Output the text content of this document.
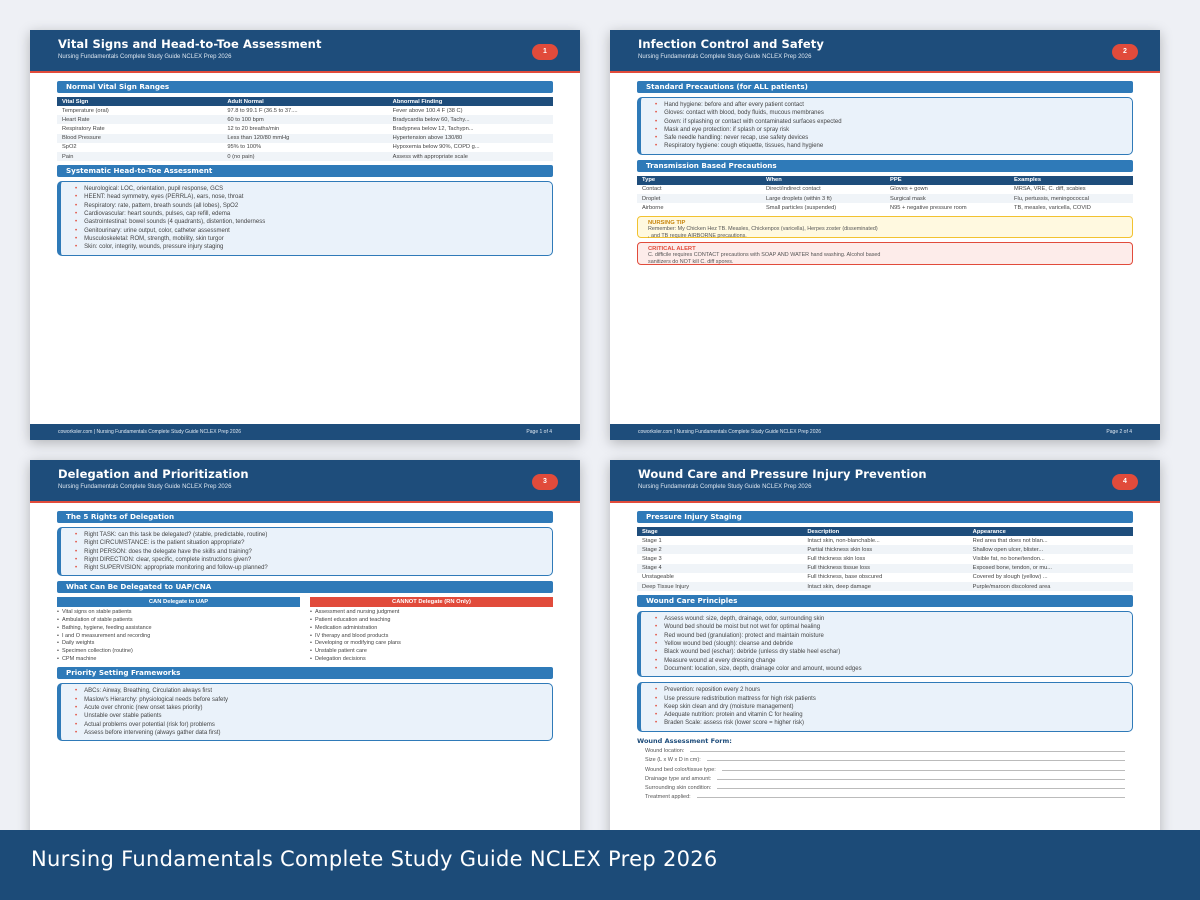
Vital Signs and Head-to-Toe Assessment
Nursing Fundamentals Complete Study Guide NCLEX Prep 2026
1
Normal Vital Sign Ranges
Vital Sign	Adult Normal	Abnormal Finding
Temperature (oral)	97.8 to 99.1 F (36.5 to 37....	Fever above 100.4 F (38 C)
Heart Rate	60 to 100 bpm	Bradycardia below 60, Tachy...
Respiratory Rate	12 to 20 breaths/min	Bradypnea below 12, Tachypn...
Blood Pressure	Less than 120/80 mmHg	Hypertension above 130/80
SpO2	95% to 100%	Hypoxemia below 90%, COPD g...
Pain	0 (no pain)	Assess with appropriate scale
Systematic Head-to-Toe Assessment
• Neurological: LOC, orientation, pupil response, GCS
• HEENT: head symmetry, eyes (PERRLA), ears, nose, throat
• Respiratory: rate, pattern, breath sounds (all lobes), SpO2
• Cardiovascular: heart sounds, pulses, cap refill, edema
• Gastrointestinal: bowel sounds (4 quadrants), distention, tenderness
• Genitourinary: urine output, color, catheter assessment
• Musculoskeletal: ROM, strength, mobility, skin turgor
• Skin: color, integrity, wounds, pressure injury staging
coworksler.com | Nursing Fundamentals Complete Study Guide NCLEX Prep 2026	Page 1 of 4
Infection Control and Safety
Nursing Fundamentals Complete Study Guide NCLEX Prep 2026
2
Standard Precautions (for ALL patients)
• Hand hygiene: before and after every patient contact
• Gloves: contact with blood, body fluids, mucous membranes
• Gown: if splashing or contact with contaminated surfaces expected
• Mask and eye protection: if splash or spray risk
• Safe needle handling: never recap, use safety devices
• Respiratory hygiene: cough etiquette, tissues, hand hygiene
Transmission Based Precautions
Type	When	PPE	Examples
Contact	Direct/indirect contact	Gloves + gown	MRSA, VRE, C. diff, scabies
Droplet	Large droplets (within 3 ft)	Surgical mask	Flu, pertussis, meningococcal
Airborne	Small particles (suspended)	N95 + negative pressure room	TB, measles, varicella, COVID
NURSING TIP
Remember: My Chicken Hez TB. Measles, Chickenpox (varicella), Herpes zoster (disseminated)
, and TB require AIRBORNE precautions.
CRITICAL ALERT
C. difficile requires CONTACT precautions with SOAP AND WATER hand washing. Alcohol based
sanitizers do NOT kill C. diff spores.
coworksler.com | Nursing Fundamentals Complete Study Guide NCLEX Prep 2026	Page 2 of 4
Delegation and Prioritization
Nursing Fundamentals Complete Study Guide NCLEX Prep 2026
3
The 5 Rights of Delegation
• Right TASK: can this task be delegated? (stable, predictable, routine)
• Right CIRCUMSTANCE: is the patient situation appropriate?
• Right PERSON: does the delegate have the skills and training?
• Right DIRECTION: clear, specific, complete instructions given?
• Right SUPERVISION: appropriate monitoring and follow-up planned?
What Can Be Delegated to UAP/CNA
CAN Delegate to UAP
• Vital signs on stable patients
• Ambulation of stable patients
• Bathing, hygiene, feeding assistance
• I and O measurement and recording
• Daily weights
• Specimen collection (routine)
• CPM machine
CANNOT Delegate (RN Only)
• Assessment and nursing judgment
• Patient education and teaching
• Medication administration
• IV therapy and blood products
• Developing or modifying care plans
• Unstable patient care
• Delegation decisions
Priority Setting Frameworks
• ABCs: Airway, Breathing, Circulation always first
• Maslow's Hierarchy: physiological needs before safety
• Acute over chronic (new onset takes priority)
• Unstable over stable patients
• Actual problems over potential (risk for) problems
• Assess before intervening (always gather data first)
Wound Care and Pressure Injury Prevention
Nursing Fundamentals Complete Study Guide NCLEX Prep 2026
4
Pressure Injury Staging
Stage	Description	Appearance
Stage 1	Intact skin, non-blanchable...	Red area that does not blan...
Stage 2	Partial thickness skin loss	Shallow open ulcer, blister...
Stage 3	Full thickness skin loss	Visible fat, no bone/tendon...
Stage 4	Full thickness tissue loss	Exposed bone, tendon, or mu...
Unstageable	Full thickness, base obscured	Covered by slough (yellow) ...
Deep Tissue Injury	Intact skin, deep damage	Purple/maroon discolored area
Wound Care Principles
• Assess wound: size, depth, drainage, odor, surrounding skin
• Wound bed should be moist but not wet for optimal healing
• Red wound bed (granulation): protect and maintain moisture
• Yellow wound bed (slough): cleanse and debride
• Black wound bed (eschar): debride (unless dry stable heel eschar)
• Measure wound at every dressing change
• Document: location, size, depth, drainage color and amount, wound edges
• Prevention: reposition every 2 hours
• Use pressure redistribution mattress for high risk patients
• Keep skin clean and dry (moisture management)
• Adequate nutrition: protein and vitamin C for healing
• Braden Scale: assess risk (lower score = higher risk)
Wound Assessment Form:
Wound location:
Size (L x W x D in cm):
Wound bed color/tissue type:
Drainage type and amount:
Surrounding skin condition:
Treatment applied:
Nursing Fundamentals Complete Study Guide NCLEX Prep 2026
